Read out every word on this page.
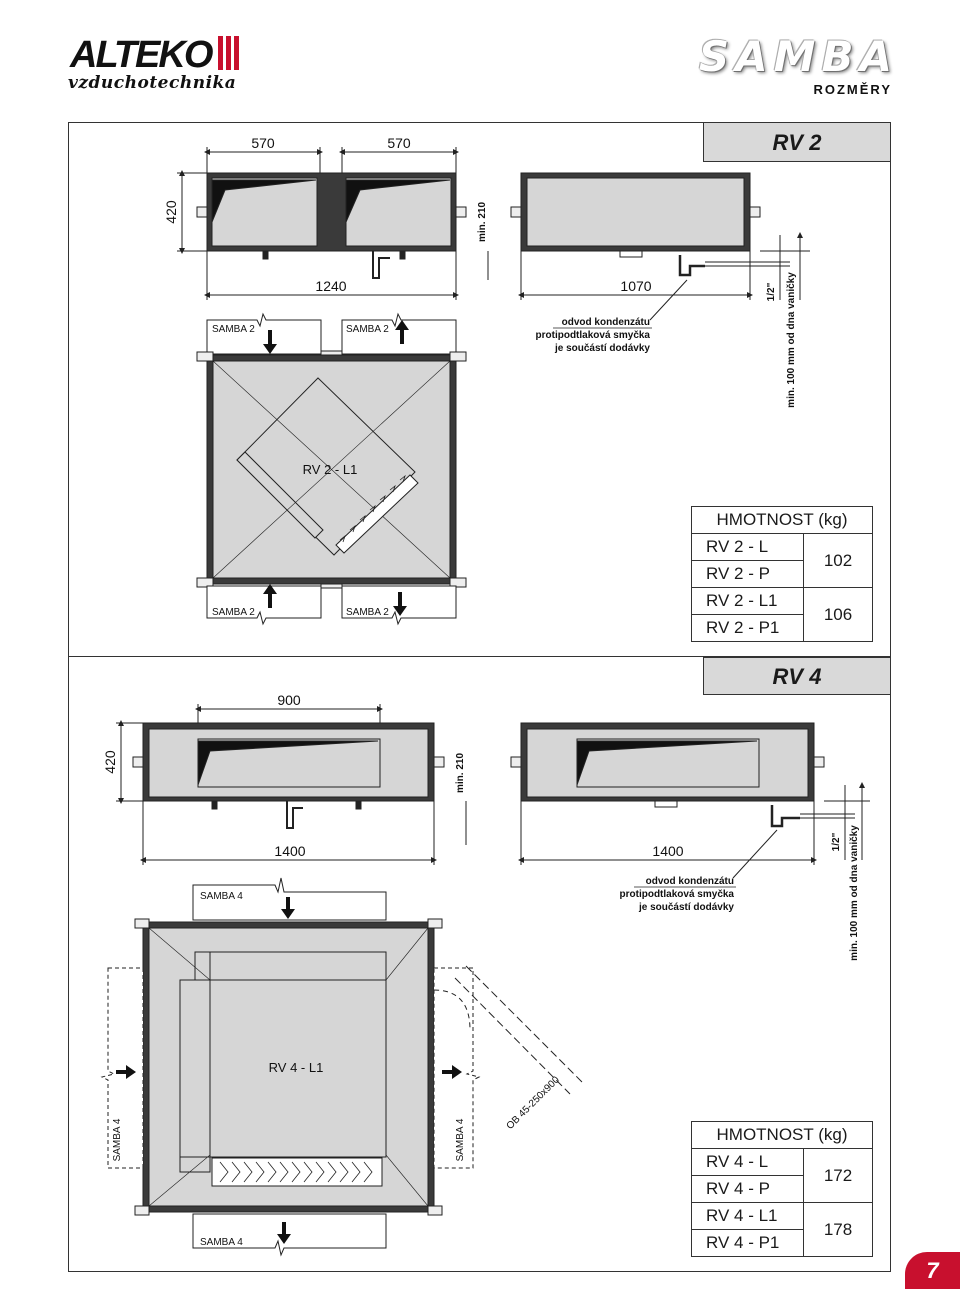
ALTEKO
vzduchotechnika
SAMBA
ROZMĚRY
RV 2
RV 4
570	570
420	min. 210
1240	1070	1/2" min. 100 mm od dna vaničky
odvod kondenzátu
protipodtlaková smyčka
je součástí dodávky
RV 2 - L1
SAMBA 2	SAMBA 2
SAMBA 2	SAMBA 2
900
420	min. 210
1400	1400	1/2" min. 100 mm od dna vaničky
odvod kondenzátu
protipodtlaková smyčka
je součástí dodávky
RV 4 - L1
OB 45-250x900
SAMBA 4
SAMBA 4	SAMBA 4
SAMBA 4
HMOTNOST (kg)	
RV 2 - L	102
RV 2 - P	
RV 2 - L1	106
RV 2 - P1	
HMOTNOST (kg)	
RV 4 - L	172
RV 4 - P	
RV 4 - L1	178
RV 4 - P1	
7
